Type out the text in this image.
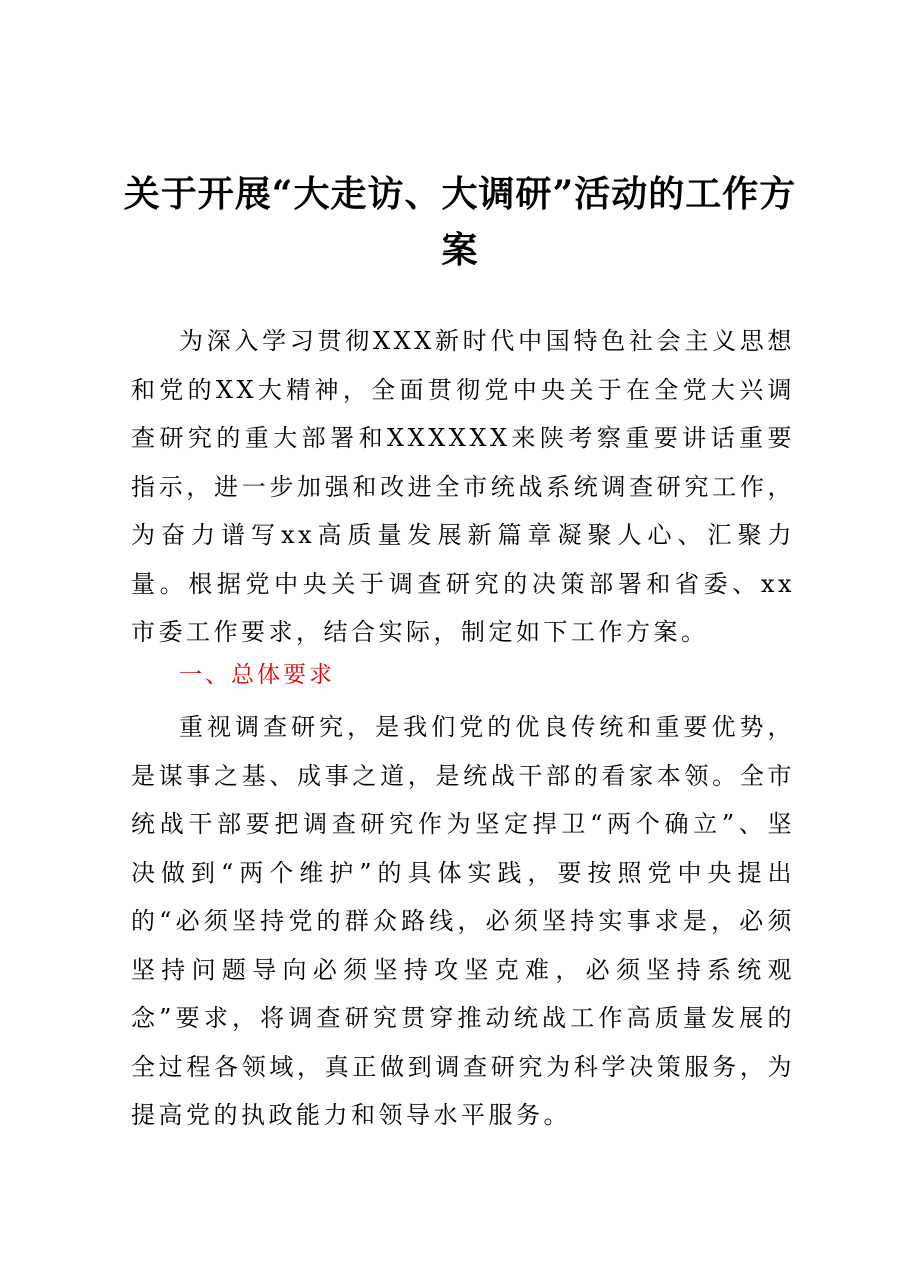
关于开展“大走访、大调研”活动的工作方案

为深入学习贯彻XXX新时代中国特色社会主义思想和党的XX大精神，全面贯彻党中央关于在全党大兴调查研究的重大部署和XXXXXX来陕考察重要讲话重要指示，进一步加强和改进全市统战系统调查研究工作，为奋力谱写xx高质量发展新篇章凝聚人心、汇聚力量。根据党中央关于调查研究的决策部署和省委、xx市委工作要求，结合实际，制定如下工作方案。

一、总体要求

重视调查研究，是我们党的优良传统和重要优势，是谋事之基、成事之道，是统战干部的看家本领。全市统战干部要把调查研究作为坚定捍卫“两个确立”、坚决做到“两个维护”的具体实践，要按照党中央提出的“必须坚持党的群众路线，必须坚持实事求是，必须坚持问题导向必须坚持攻坚克难，必须坚持系统观念”要求，将调查研究贯穿推动统战工作高质量发展的全过程各领域，真正做到调查研究为科学决策服务，为提高党的执政能力和领导水平服务。
